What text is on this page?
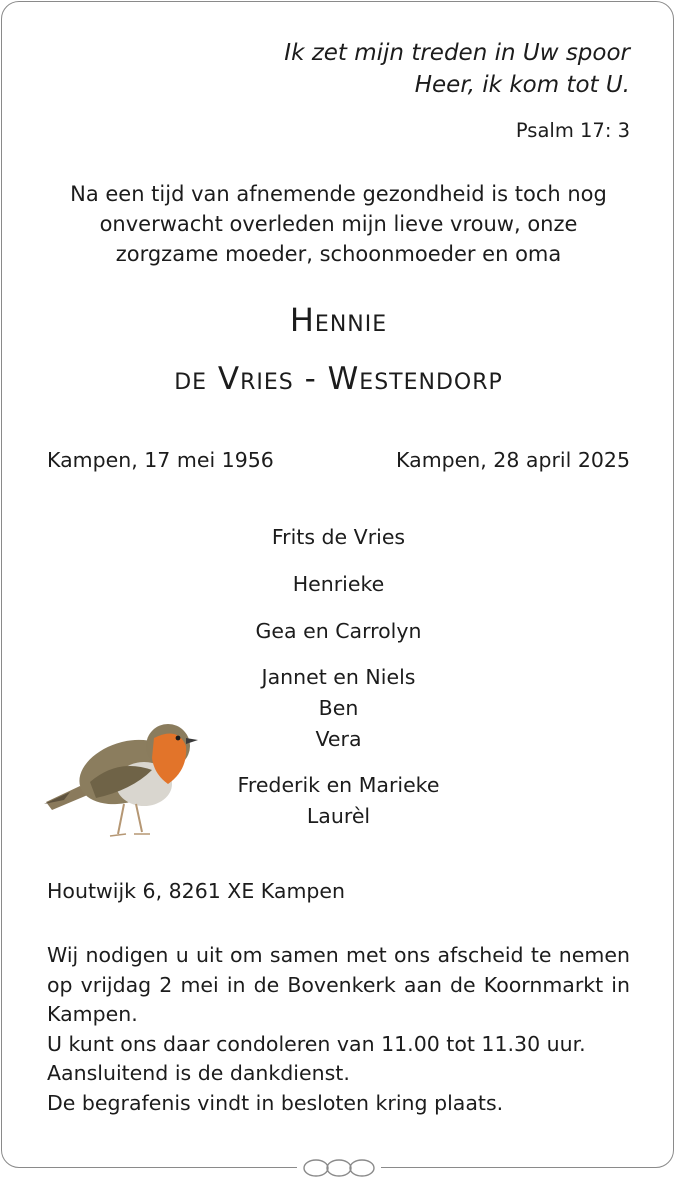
Ik zet mijn treden in Uw spoor
Heer, ik kom tot U.
Psalm 17: 3
Na een tijd van afnemende gezondheid is toch nog
onverwacht overleden mijn lieve vrouw, onze
zorgzame moeder, schoonmoeder en oma
Hennie
de Vries - Westendorp
Kampen, 17 mei 1956	Kampen, 28 april 2025
Frits de Vries
Henrieke
Gea en Carrolyn
Jannet en Niels
Ben
Vera
Frederik en Marieke
Laurèl
Houtwijk 6, 8261 XE Kampen
Wij nodigen u uit om samen met ons afscheid te nemen op vrijdag 2 mei in de Bovenkerk aan de Koornmarkt in Kampen.
U kunt ons daar condoleren van 11.00 tot 11.30 uur.
Aansluitend is de dankdienst.
De begrafenis vindt in besloten kring plaats.
